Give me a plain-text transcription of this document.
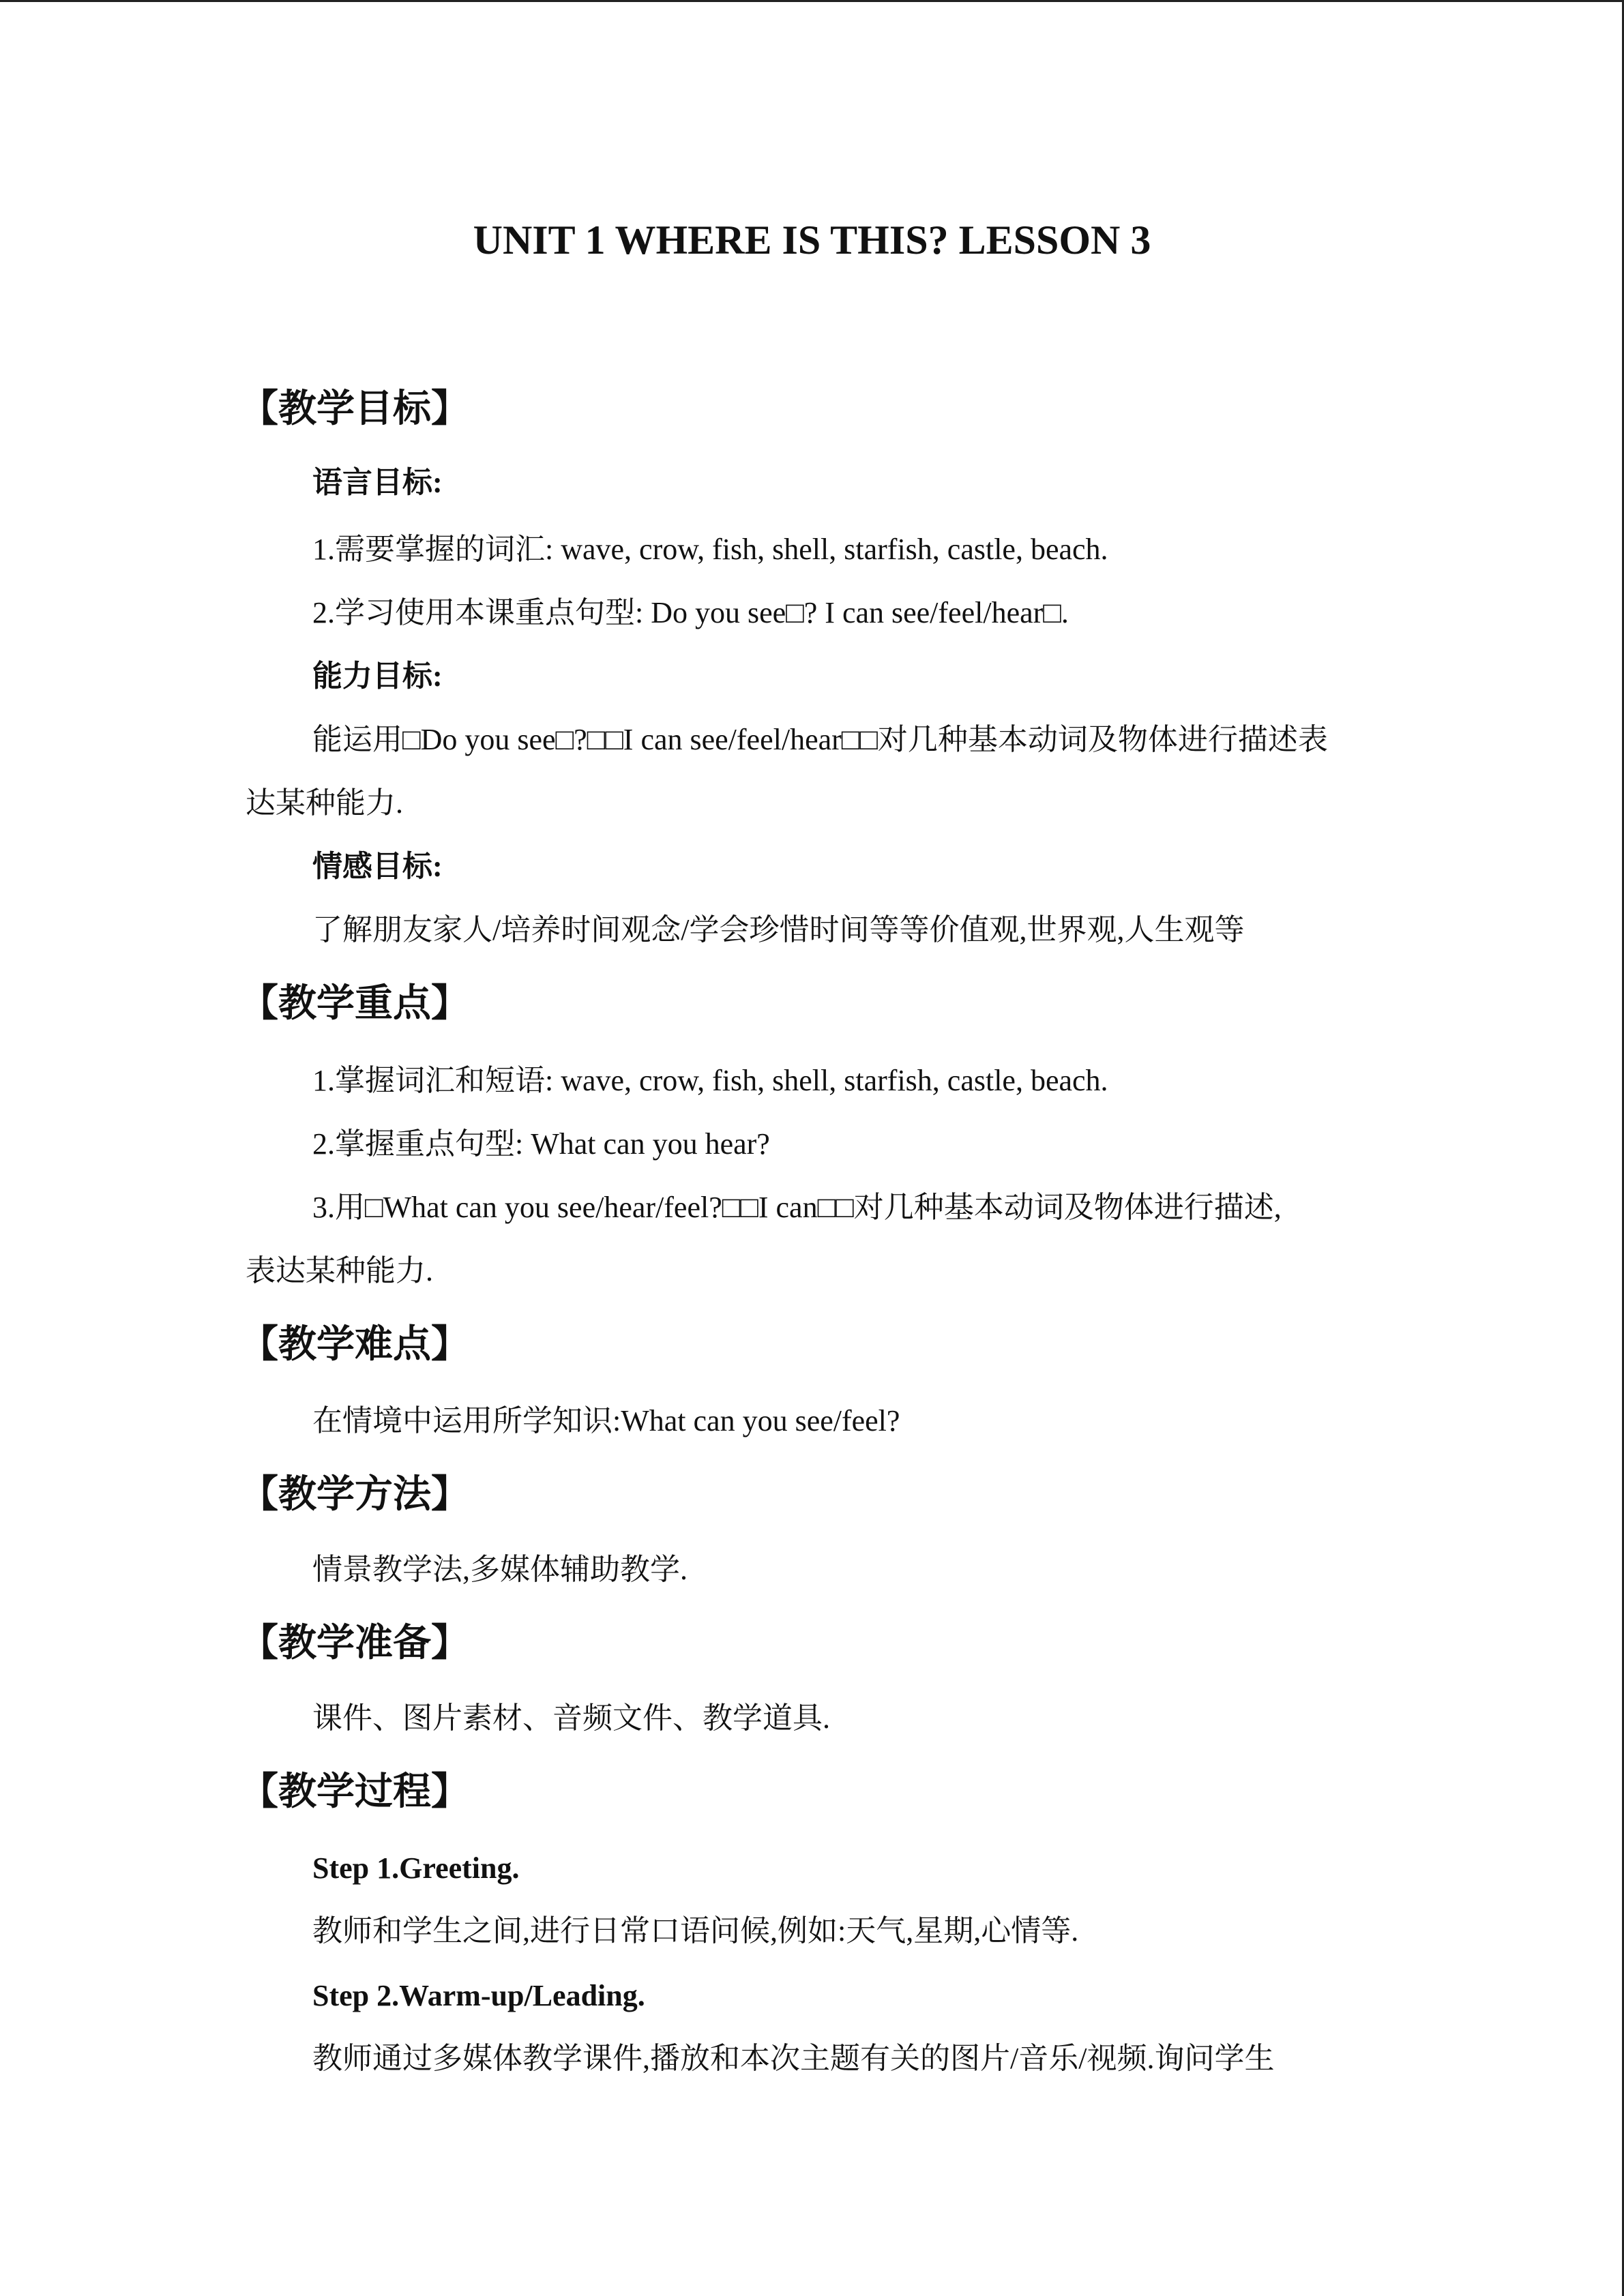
UNIT 1 WHERE IS THIS? LESSON 3
【教学目标】
语言目标:
1.需要掌握的词汇: wave, crow, fish, shell, starfish, castle, beach.
2.学习使用本课重点句型: Do you see□? I can see/feel/hear□.
能力目标:
能运用□Do you see□?□□I can see/feel/hear□□对几种基本动词及物体进行描述表
达某种能力.
情感目标:
了解朋友家人/培养时间观念/学会珍惜时间等等价值观,世界观,人生观等
【教学重点】
1.掌握词汇和短语: wave, crow, fish, shell, starfish, castle, beach.
2.掌握重点句型: What can you hear?
3.用□What can you see/hear/feel?□□I can□□对几种基本动词及物体进行描述,
表达某种能力.
【教学难点】
在情境中运用所学知识:What can you see/feel?
【教学方法】
情景教学法,多媒体辅助教学.
【教学准备】
课件、图片素材、音频文件、教学道具.
【教学过程】
Step 1.Greeting.
教师和学生之间,进行日常口语问候,例如:天气,星期,心情等.
Step 2.Warm-up/Leading.
教师通过多媒体教学课件,播放和本次主题有关的图片/音乐/视频.询问学生
